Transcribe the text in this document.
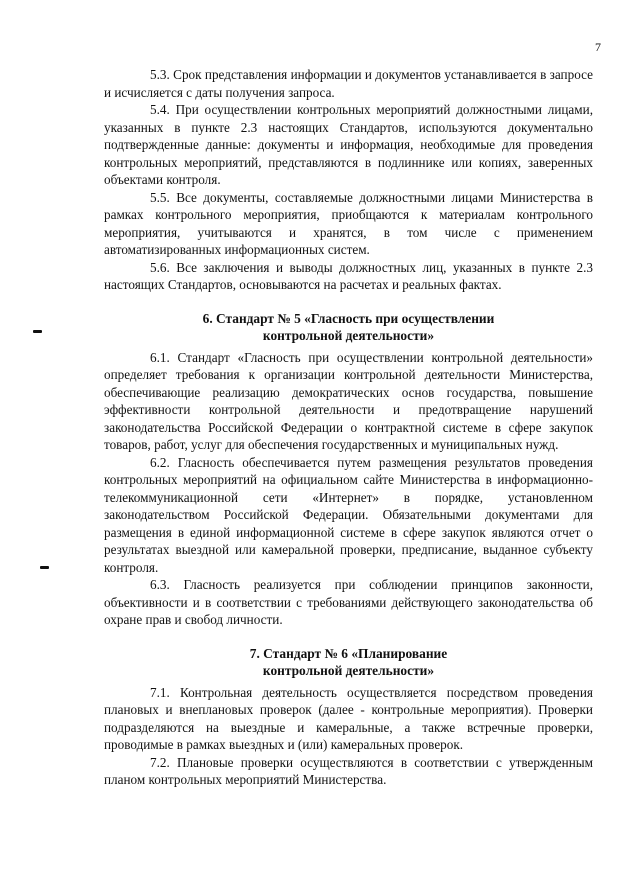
7

5.3. Срок представления информации и документов устанавливается в запросе и исчисляется с даты получения запроса.

5.4. При осуществлении контрольных мероприятий должностными лицами, указанных в пункте 2.3 настоящих Стандартов, используются документально подтвержденные данные: документы и информация, необходимые для проведения контрольных мероприятий, представляются в подлиннике или копиях, заверенных объектами контроля.

5.5. Все документы, составляемые должностными лицами Министерства в рамках контрольного мероприятия, приобщаются к материалам контрольного мероприятия, учитываются и хранятся, в том числе с применением автоматизированных информационных систем.

5.6. Все заключения и выводы должностных лиц, указанных в пункте 2.3 настоящих Стандартов, основываются на расчетах и реальных фактах.

6. Стандарт № 5 «Гласность при осуществлении
контрольной деятельности»

6.1. Стандарт «Гласность при осуществлении контрольной деятельности» определяет требования к организации контрольной деятельности Министерства, обеспечивающие реализацию демократических основ государства, повышение эффективности контрольной деятельности и предотвращение нарушений законодательства Российской Федерации о контрактной системе в сфере закупок товаров, работ, услуг для обеспечения государственных и муниципальных нужд.

6.2. Гласность обеспечивается путем размещения результатов проведения контрольных мероприятий на официальном сайте Министерства в информационно-телекоммуникационной сети «Интернет» в порядке, установленном законодательством Российской Федерации. Обязательными документами для размещения в единой информационной системе в сфере закупок являются отчет о результатах выездной или камеральной проверки, предписание, выданное субъекту контроля.

6.3. Гласность реализуется при соблюдении принципов законности, объективности и в соответствии с требованиями действующего законодательства об охране прав и свобод личности.

7. Стандарт № 6 «Планирование
контрольной деятельности»

7.1. Контрольная деятельность осуществляется посредством проведения плановых и внеплановых проверок (далее - контрольные мероприятия). Проверки подразделяются на выездные и камеральные, а также встречные проверки, проводимые в рамках выездных и (или) камеральных проверок.

7.2. Плановые проверки осуществляются в соответствии с утвержденным планом контрольных мероприятий Министерства.
